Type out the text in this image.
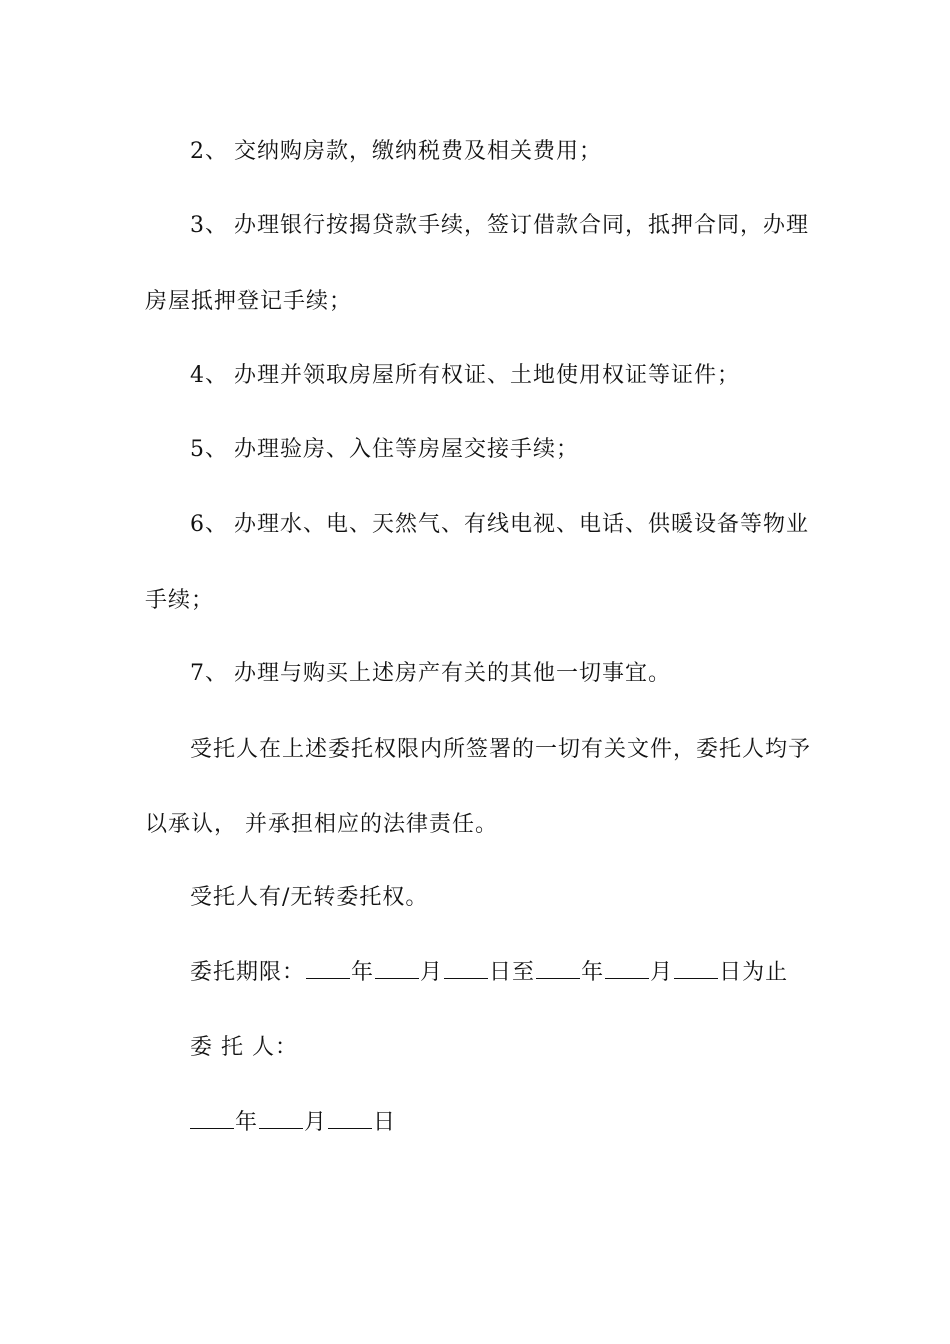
2、 交纳购房款，缴纳税费及相关费用；
3、 办理银行按揭贷款手续，签订借款合同，抵押合同，办理
房屋抵押登记手续；
4、 办理并领取房屋所有权证、土地使用权证等证件；
5、 办理验房、入住等房屋交接手续；
6、 办理水、电、天然气、有线电视、电话、供暖设备等物业
手续；
7、 办理与购买上述房产有关的其他一切事宜。
受托人在上述委托权限内所签署的一切有关文件，委托人均予
以承认， 并承担相应的法律责任。
受托人有/无转委托权。
委托期限： 年 月 日至 年 月 日为止
委 托 人：
年 月 日
